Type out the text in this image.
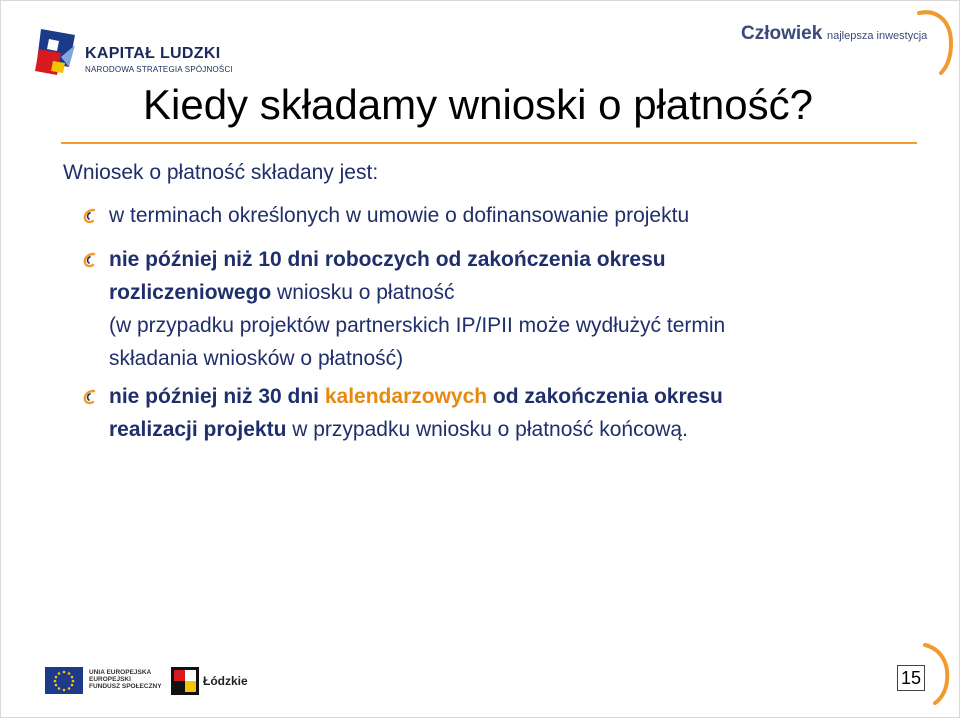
KAPITAŁ LUDZKI
NARODOWA STRATEGIA SPÓJNOŚCI
Człowiek najlepsza inwestycja
Kiedy składamy wnioski o płatność?
Wniosek o płatność składany jest:
w terminach określonych w umowie o dofinansowanie projektu
nie później niż 10 dni roboczych od zakończenia okresu
rozliczeniowego wniosku o płatność
(w przypadku projektów partnerskich IP/IPII może wydłużyć termin
składania wniosków o płatność)
nie później niż 30 dni kalendarzowych od zakończenia okresu
realizacji projektu w przypadku wniosku o płatność końcową.
UNIA EUROPEJSKA
EUROPEJSKI
FUNDUSZ SPOŁECZNY	Łódzkie	15
